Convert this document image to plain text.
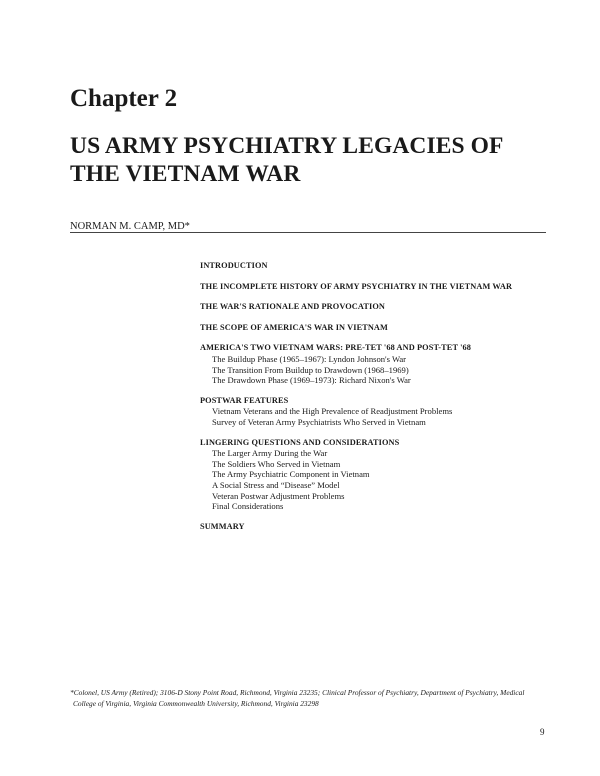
Chapter 2
US ARMY PSYCHIATRY LEGACIES OF
THE VIETNAM WAR
NORMAN M. CAMP, MD*
INTRODUCTION
THE INCOMPLETE HISTORY OF ARMY PSYCHIATRY IN THE VIETNAM WAR
THE WAR'S RATIONALE AND PROVOCATION
THE SCOPE OF AMERICA'S WAR IN VIETNAM
AMERICA'S TWO VIETNAM WARS: PRE-TET '68 AND POST-TET '68
The Buildup Phase (1965–1967): Lyndon Johnson's War
The Transition From Buildup to Drawdown (1968–1969)
The Drawdown Phase (1969–1973): Richard Nixon's War
POSTWAR FEATURES
Vietnam Veterans and the High Prevalence of Readjustment Problems
Survey of Veteran Army Psychiatrists Who Served in Vietnam
LINGERING QUESTIONS AND CONSIDERATIONS
The Larger Army During the War
The Soldiers Who Served in Vietnam
The Army Psychiatric Component in Vietnam
A Social Stress and “Disease” Model
Veteran Postwar Adjustment Problems
Final Considerations
SUMMARY
*Colonel, US Army (Retired); 3106-D Stony Point Road, Richmond, Virginia 23235; Clinical Professor of Psychiatry, Department of Psychiatry, Medical
College of Virginia, Virginia Commonwealth University, Richmond, Virginia 23298
9
